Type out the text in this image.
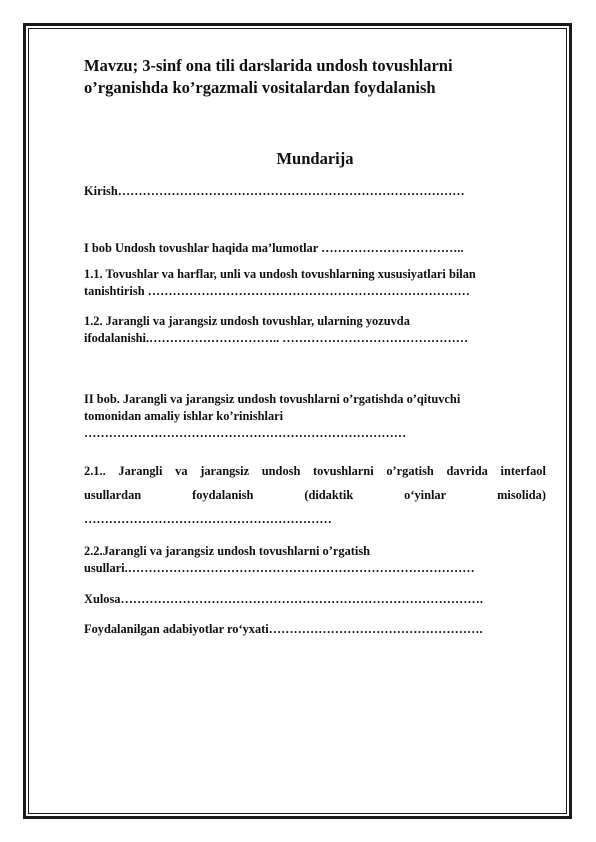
Mavzu; 3-sinf ona tili darslarida undosh tovushlarni
o’rganishda ko’rgazmali vositalardan foydalanish

Mundarija

Kirish…………………………………………………………………………

I bob Undosh tovushlar haqida ma’lumotlar ……………………………..

1.1. Tovushlar va harflar, unli va undosh tovushlarning xususiyatlari bilan
tanishtirish ……………………………………………………………………

1.2. Jarangli va jarangsiz undosh tovushlar, ularning yozuvda
ifodalanishi.………………………….. ………………………………………

II bob. Jarangli va jarangsiz undosh tovushlarni o’rgatishda o’qituvchi
tomonidan amaliy ishlar ko’rinishlari
……………………………………………………………………

2.1.. Jarangli va jarangsiz undosh tovushlarni o’rgatish davrida interfaol
usullardan	foydalanish	(didaktik	o‘yinlar	misolida)
……………………………………………………

2.2.Jarangli va jarangsiz undosh tovushlarni o’rgatish
usullari.…………………………………………………………………………

Xulosa…………………………………………………………………………….

Foydalanilgan adabiyotlar ro‘yxati…………………………………………….
